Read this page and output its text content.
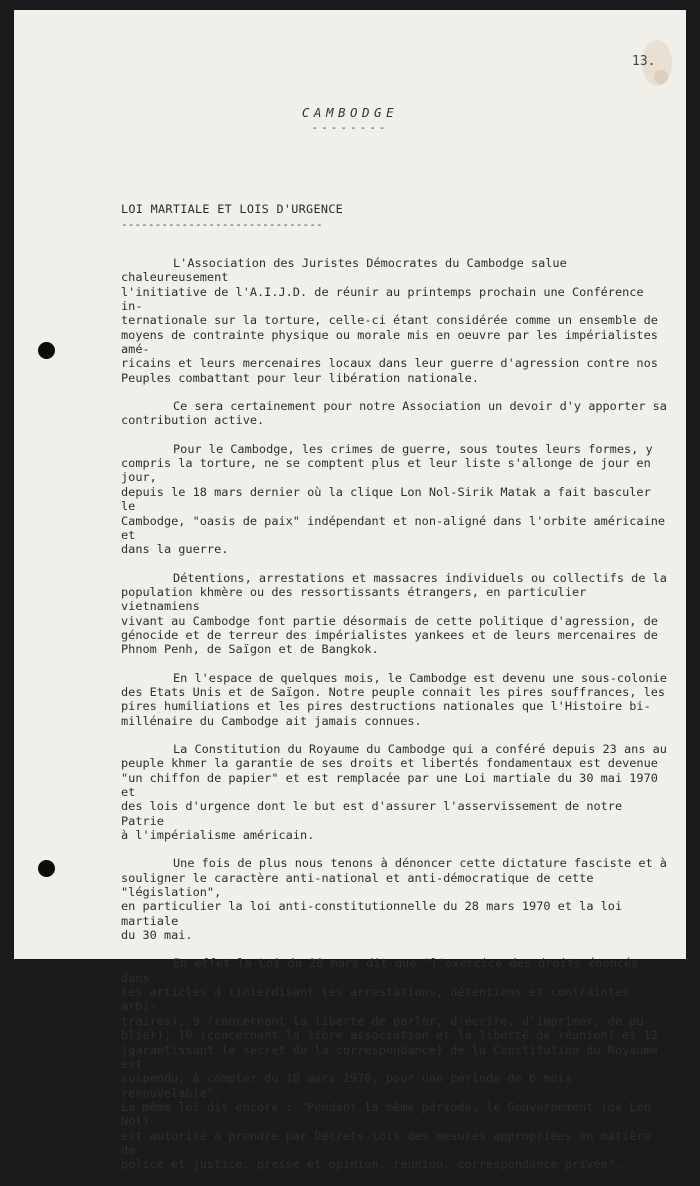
13.
CAMBODGE
--------
LOI MARTIALE ET LOIS D'URGENCE
------------------------------

L'Association des Juristes Démocrates du Cambodge salue chaleureusement
l'initiative de l'A.I.J.D. de réunir au printemps prochain une Conférence in-
ternationale sur la torture, celle-ci étant considérée comme un ensemble de
moyens de contrainte physique ou morale mis en oeuvre par les impérialistes amé-
ricains et leurs mercenaires locaux dans leur guerre d'agression contre nos
Peuples combattant pour leur libération nationale.

Ce sera certainement pour notre Association un devoir d'y apporter sa
contribution active.

Pour le Cambodge, les crimes de guerre, sous toutes leurs formes, y
compris la torture, ne se comptent plus et leur liste s'allonge de jour en jour,
depuis le 18 mars dernier où la clique Lon Nol-Sirik Matak a fait basculer le
Cambodge, "oasis de paix" indépendant et non-aligné dans l'orbite américaine et
dans la guerre.

Détentions, arrestations et massacres individuels ou collectifs de la
population khmère ou des ressortissants étrangers, en particulier vietnamiens
vivant au Cambodge font partie désormais de cette politique d'agression, de
génocide et de terreur des impérialistes yankees et de leurs mercenaires de
Phnom Penh, de Saïgon et de Bangkok.

En l'espace de quelques mois, le Cambodge est devenu une sous-colonie
des Etats Unis et de Saïgon. Notre peuple connait les pires souffrances, les
pires humiliations et les pires destructions nationales que l'Histoire bi-
millénaire du Cambodge ait jamais connues.

La Constitution du Royaume du Cambodge qui a conféré depuis 23 ans au
peuple khmer la garantie de ses droits et libertés fondamentaux est devenue
"un chiffon de papier" et est remplacée par une Loi martiale du 30 mai 1970 et
des lois d'urgence dont le but est d'assurer l'asservissement de notre Patrie
à l'impérialisme américain.

Une fois de plus nous tenons à dénoncer cette dictature fasciste et à
souligner le caractère anti-national et anti-démocratique de cette "législation",
en particulier la loi anti-constitutionnelle du 28 mars 1970 et la loi martiale
du 30 mai.

En effet la Loi du 28 mars dit que "l'exercice des droits énoncés dans
les articles 4 (interdisant les arrestations, détentions et contraintes arbi-
traires), 9 (concernant la liberté de parler, d'écrire, d'imprimer, de pu-
blier), 10 (concernant la libre association et la liberté de réunion) et 12
(garantissant le secret de la correspondance) de la Constitution du Royaume est
suspendu, à compter du 18 mars 1970, pour une période de 6 mois renouvelable".
La même loi dit encore : "Pendant la même période, le Gouvernement (de Lon Nol)
est autorisé à prendre par Décrets-lois des mesures appropriées en matière de
police et justice, presse et opinion, réunion, correspondance privée".
